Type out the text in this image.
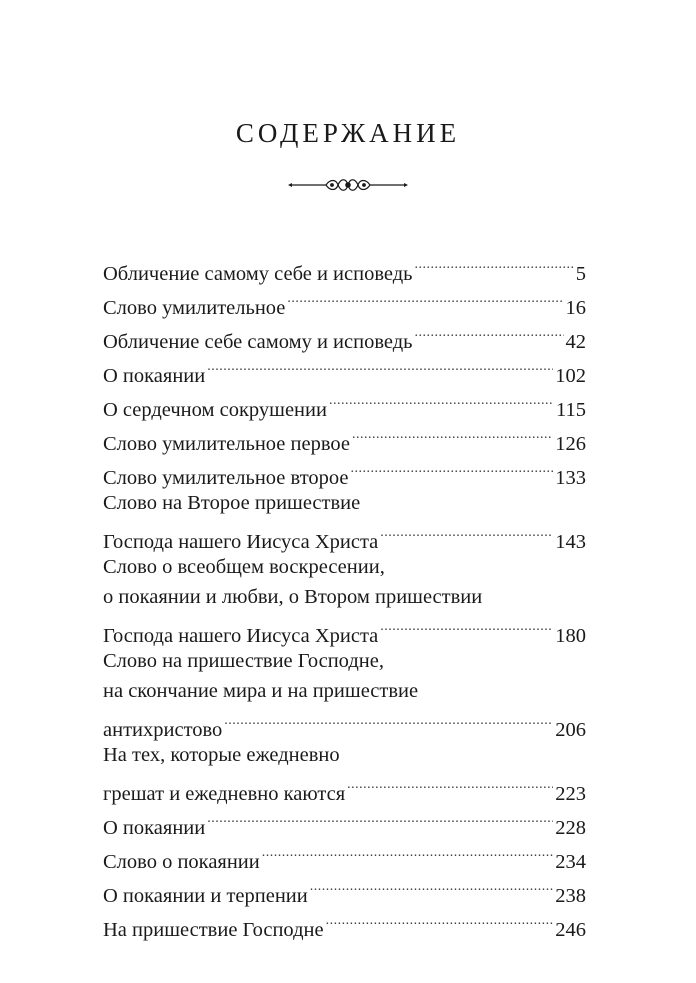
СОДЕРЖАНИЕ
Обличение самому себе и исповедь .....	5
Слово умилительное .....	16
Обличение себе самому и исповедь .....	42
О покаянии .....	102
О сердечном сокрушении .....	115
Слово умилительное первое .....	126
Слово умилительное второе .....	133
Слово на Второе пришествие
Господа нашего Иисуса Христа .....	143
Слово о всеобщем воскресении,
о покаянии и любви, о Втором пришествии
Господа нашего Иисуса Христа .....	180
Слово на пришествие Господне,
на скончание мира и на пришествие
антихристово .....	206
На тех, которые ежедневно
грешат и ежедневно каются .....	223
О покаянии .....	228
Слово о покаянии .....	234
О покаянии и терпении .....	238
На пришествие Господне .....	246
